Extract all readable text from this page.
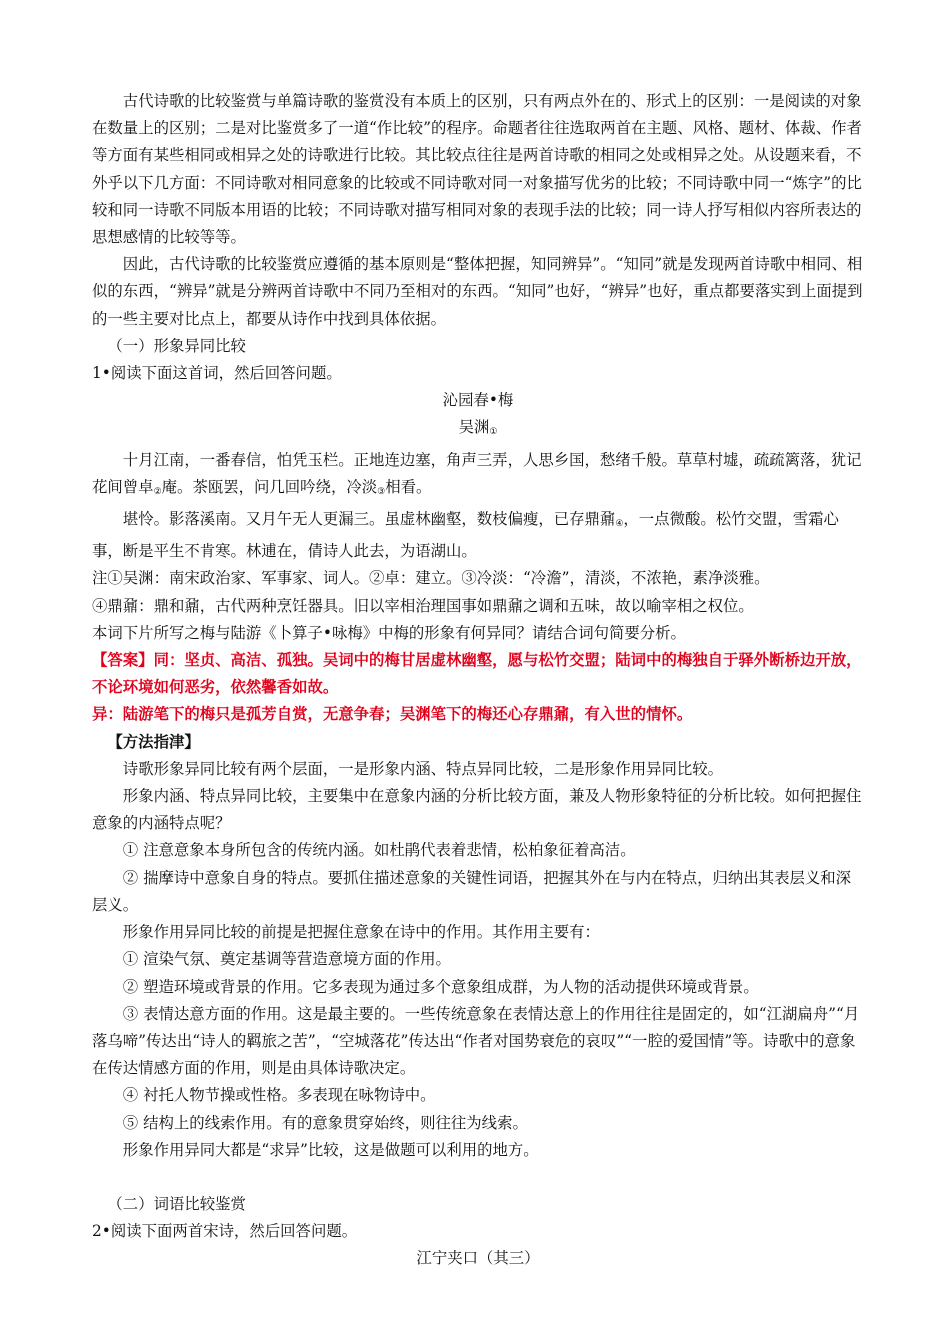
古代诗歌的比较鉴赏与单篇诗歌的鉴赏没有本质上的区别，只有两点外在的、形式上的区别：一是阅读的对象在数量上的区别；二是对比鉴赏多了一道“作比较”的程序。命题者往往选取两首在主题、风格、题材、体裁、作者等方面有某些相同或相异之处的诗歌进行比较。其比较点往往是两首诗歌的相同之处或相异之处。从设题来看，不外乎以下几方面：不同诗歌对相同意象的比较或不同诗歌对同一对象描写优劣的比较；不同诗歌中同一“炼字”的比较和同一诗歌不同版本用语的比较；不同诗歌对描写相同对象的表现手法的比较；同一诗人抒写相似内容所表达的思想感情的比较等等。

因此，古代诗歌的比较鉴赏应遵循的基本原则是“整体把握，知同辨异”。“知同”就是发现两首诗歌中相同、相似的东西，“辨异”就是分辨两首诗歌中不同乃至相对的东西。“知同”也好，“辨异”也好，重点都要落实到上面提到的一些主要对比点上，都要从诗作中找到具体依据。

（一）形象异同比较

1•阅读下面这首词，然后回答问题。

沁园春•梅

吴渊$_①$

十月江南，一番春信，怕凭玉栏。正地连边塞，角声三弄，人思乡国，愁绪千般。草草村墟，疏疏篱落，犹记花间曾卓$_②$庵。茶瓯罢，问几回吟绕，冷淡$_③$相看。

堪怜。影落溪南。又月午无人更漏三。虽虚林幽壑，数枝偏瘦，已存鼎鼐$_④$，一点微酸。松竹交盟，雪霜心事，断是平生不肯寒。林逋在，倩诗人此去，为语湖山。

注①吴渊：南宋政治家、军事家、词人。②卓：建立。③冷淡：“冷澹”，清淡，不浓艳，素净淡雅。

④鼎鼐：鼎和鼐，古代两种烹饪器具。旧以宰相治理国事如鼎鼐之调和五味，故以喻宰相之权位。

本词下片所写之梅与陆游《卜算子•咏梅》中梅的形象有何异同？请结合词句简要分析。

【答案】同：坚贞、高洁、孤独。吴词中的梅甘居虚林幽壑，愿与松竹交盟；陆词中的梅独自于驿外断桥边开放，不论环境如何恶劣，依然馨香如故。

异：陆游笔下的梅只是孤芳自赏，无意争春；吴渊笔下的梅还心存鼎鼐，有入世的情怀。

【方法指津】

诗歌形象异同比较有两个层面，一是形象内涵、特点异同比较，二是形象作用异同比较。

形象内涵、特点异同比较，主要集中在意象内涵的分析比较方面，兼及人物形象特征的分析比较。如何把握住意象的内涵特点呢？

① 注意意象本身所包含的传统内涵。如杜鹃代表着悲情，松柏象征着高洁。

② 揣摩诗中意象自身的特点。要抓住描述意象的关键性词语，把握其外在与内在特点，归纳出其表层义和深层义。

形象作用异同比较的前提是把握住意象在诗中的作用。其作用主要有：

① 渲染气氛、奠定基调等营造意境方面的作用。

② 塑造环境或背景的作用。它多表现为通过多个意象组成群，为人物的活动提供环境或背景。

③ 表情达意方面的作用。这是最主要的。一些传统意象在表情达意上的作用往往是固定的，如“江湖扁舟”“月落乌啼”传达出“诗人的羁旅之苦”，“空城落花”传达出“作者对国势衰危的哀叹”“一腔的爱国情”等。诗歌中的意象在传达情感方面的作用，则是由具体诗歌决定。

④ 衬托人物节操或性格。多表现在咏物诗中。

⑤ 结构上的线索作用。有的意象贯穿始终，则往往为线索。

形象作用异同大都是“求异”比较，这是做题可以利用的地方。

（二）词语比较鉴赏

2•阅读下面两首宋诗，然后回答问题。

江宁夹口（其三）
